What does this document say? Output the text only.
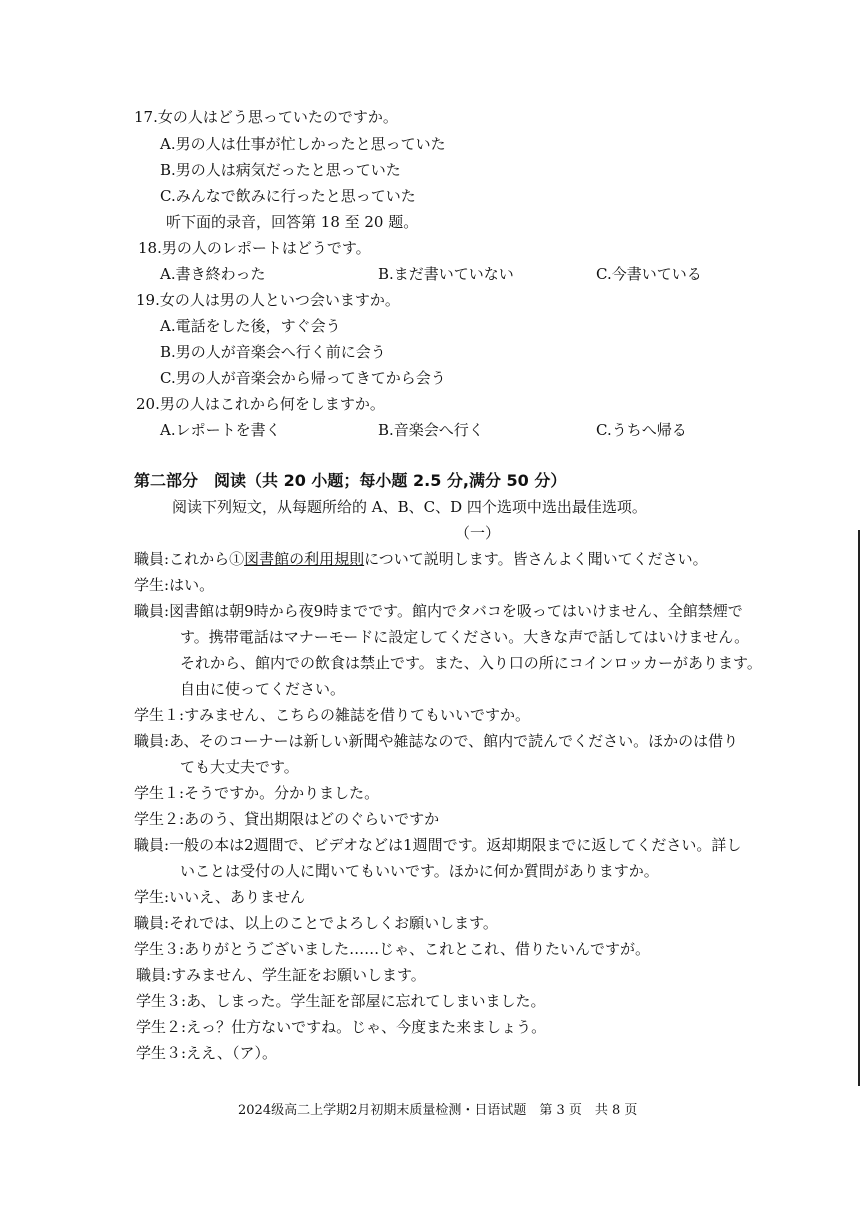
17.女の人はどう思っていたのですか。
A.男の人は仕事が忙しかったと思っていた
B.男の人は病気だったと思っていた
C.みんなで飲みに行ったと思っていた
听下面的录音，回答第 18 至 20 题。
18.男の人のレポートはどうです。
A.書き終わった	B.まだ書いていない	C.今書いている
19.女の人は男の人といつ会いますか。
A.電話をした後，すぐ会う
B.男の人が音楽会へ行く前に会う
C.男の人が音楽会から帰ってきてから会う
20.男の人はこれから何をしますか。
A.レポートを書く	B.音楽会へ行く	C.うちへ帰る
第二部分　阅读（共 20 小题；每小题 2.5 分,满分 50 分）
阅读下列短文，从每题所给的 A、B、C、D 四个选项中选出最佳选项。
（一）
職員:これから①図書館の利用規則について説明します。皆さんよく聞いてください。
学生:はい。
職員:図書館は朝9時から夜9時までです。館内でタバコを吸ってはいけません、全館禁煙で
す。携帯電話はマナーモードに設定してください。大きな声で話してはいけません。
それから、館内での飲食は禁止です。また、入り口の所にコインロッカーがあります。
自由に使ってください。
学生１:すみません、こちらの雑誌を借りてもいいですか。
職員:あ、そのコーナーは新しい新聞や雑誌なので、館内で読んでください。ほかのは借り
ても大丈夫です。
学生１:そうですか。分かりました。
学生２:あのう、貸出期限はどのぐらいですか
職員:一般の本は2週間で、ビデオなどは1週間です。返却期限までに返してください。詳し
いことは受付の人に聞いてもいいです。ほかに何か質問がありますか。
学生:いいえ、ありません
職員:それでは、以上のことでよろしくお願いします。
学生３:ありがとうございました……じゃ、これとこれ、借りたいんですが。
職員:すみません、学生証をお願いします。
学生３:あ、しまった。学生証を部屋に忘れてしまいました。
学生２:えっ？仕方ないですね。じゃ、今度また来ましょう。
学生３:ええ、（ア）。
2024级高二上学期2月初期末质量检测・日语试题　第 3 页　共 8 页
